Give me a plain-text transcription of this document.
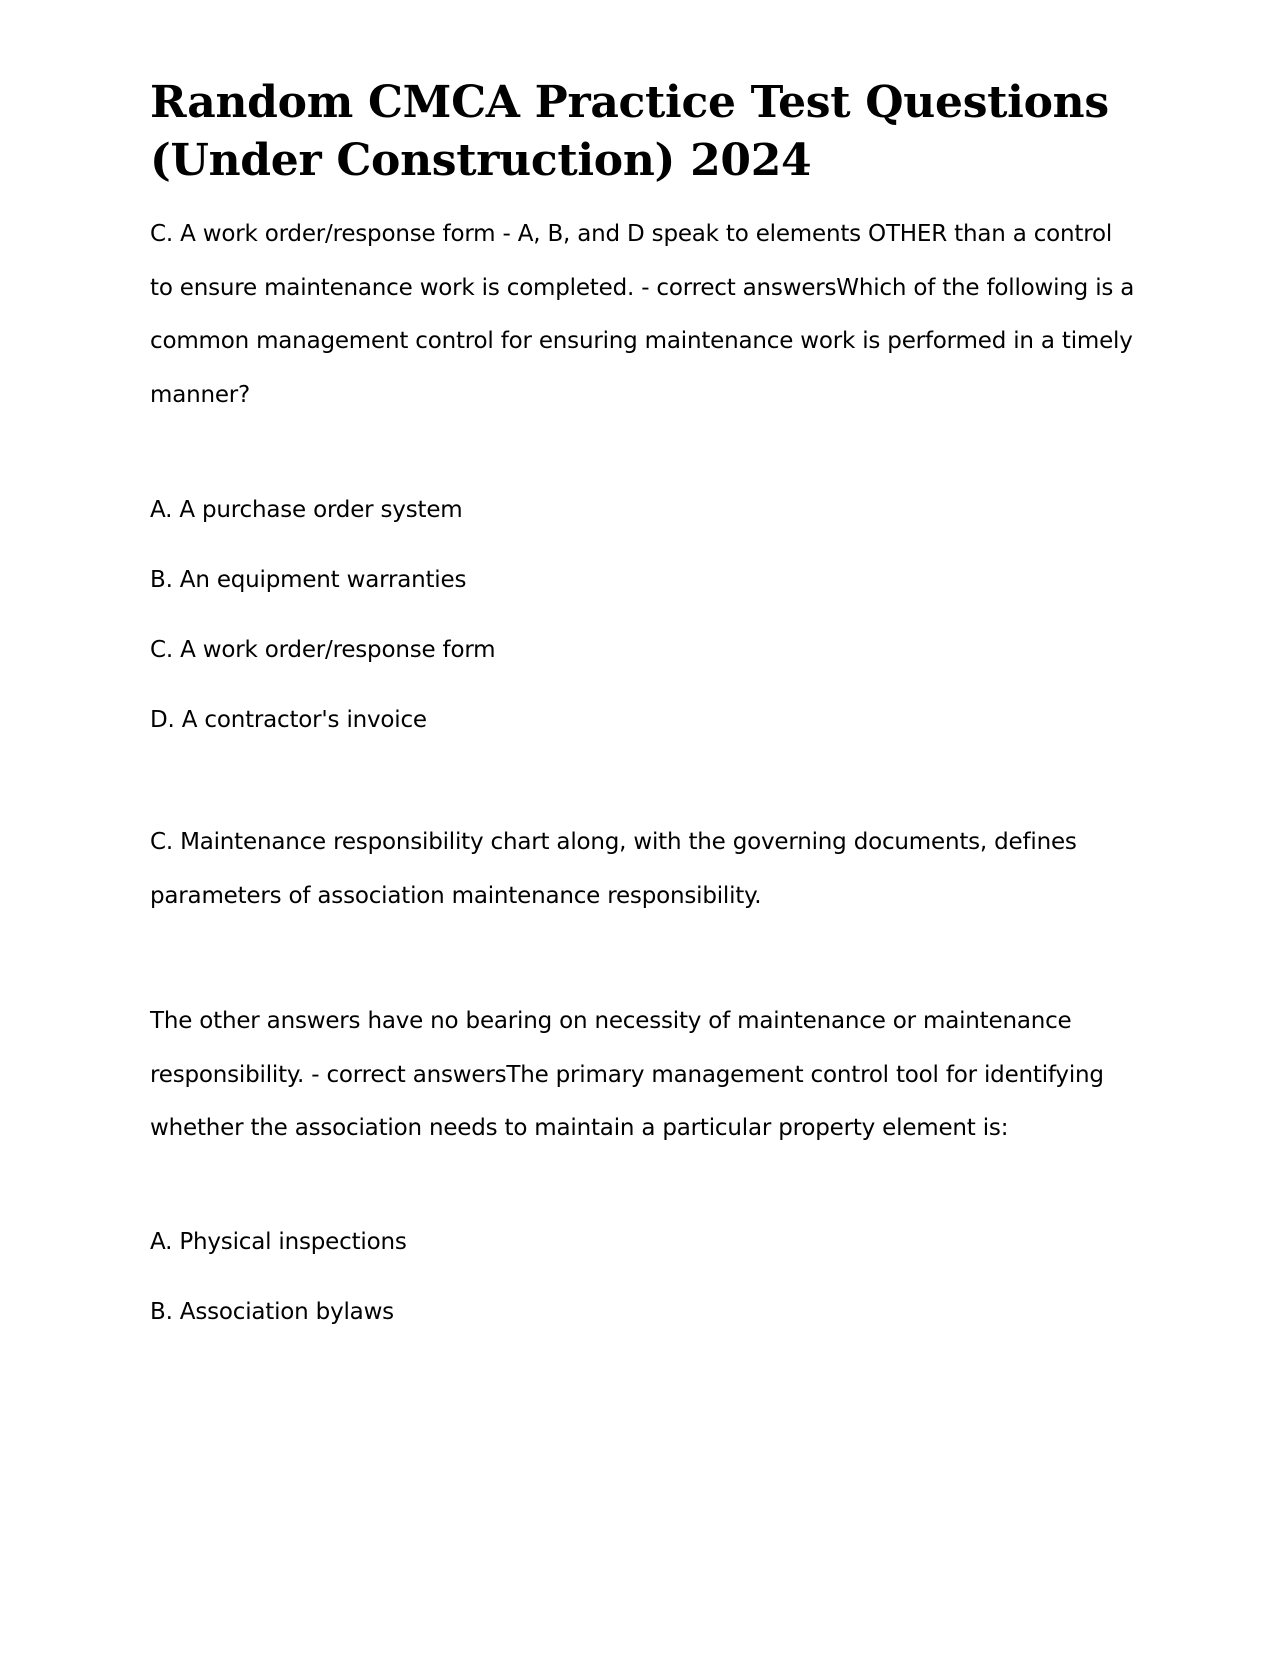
Random CMCA Practice Test Questions (Under Construction) 2024

C. A work order/response form - A, B, and D speak to elements OTHER than a control to ensure maintenance work is completed. - correct answersWhich of the following is a common management control for ensuring maintenance work is performed in a timely manner?

A. A purchase order system
B. An equipment warranties
C. A work order/response form
D. A contractor's invoice

C. Maintenance responsibility chart along, with the governing documents, defines parameters of association maintenance responsibility.

The other answers have no bearing on necessity of maintenance or maintenance responsibility. - correct answersThe primary management control tool for identifying whether the association needs to maintain a particular property element is:

A. Physical inspections
B. Association bylaws
